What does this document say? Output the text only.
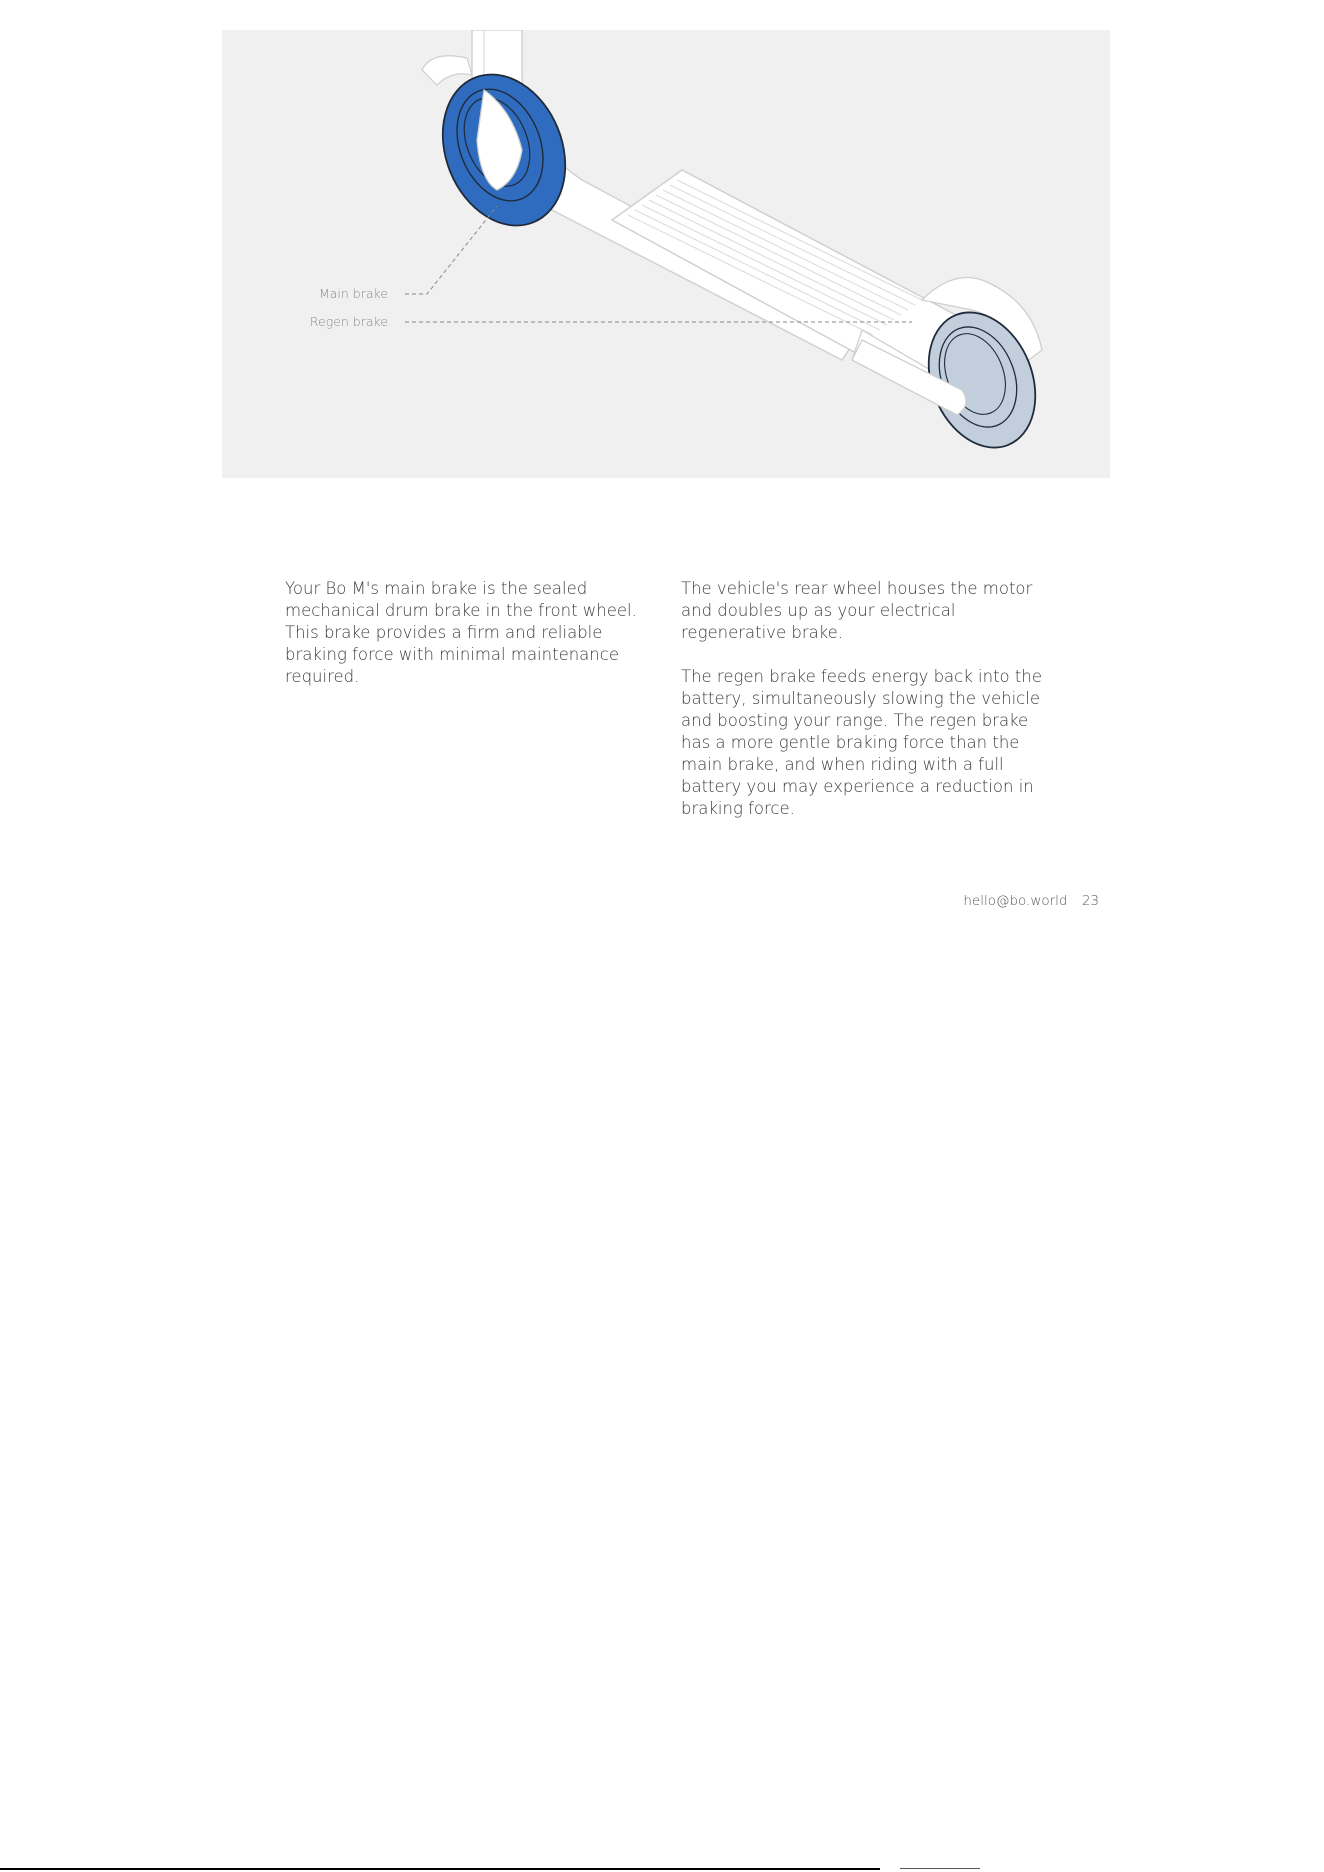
Main brake
Regen brake

Your Bo M's main brake is the sealed mechanical drum brake in the front wheel. This brake provides a firm and reliable braking force with minimal maintenance required.

The vehicle's rear wheel houses the motor and doubles up as your electrical regenerative brake.

The regen brake feeds energy back into the battery, simultaneously slowing the vehicle and boosting your range. The regen brake has a more gentle braking force than the main brake, and when riding with a full battery you may experience a reduction in braking force.

hello@bo.world 23
